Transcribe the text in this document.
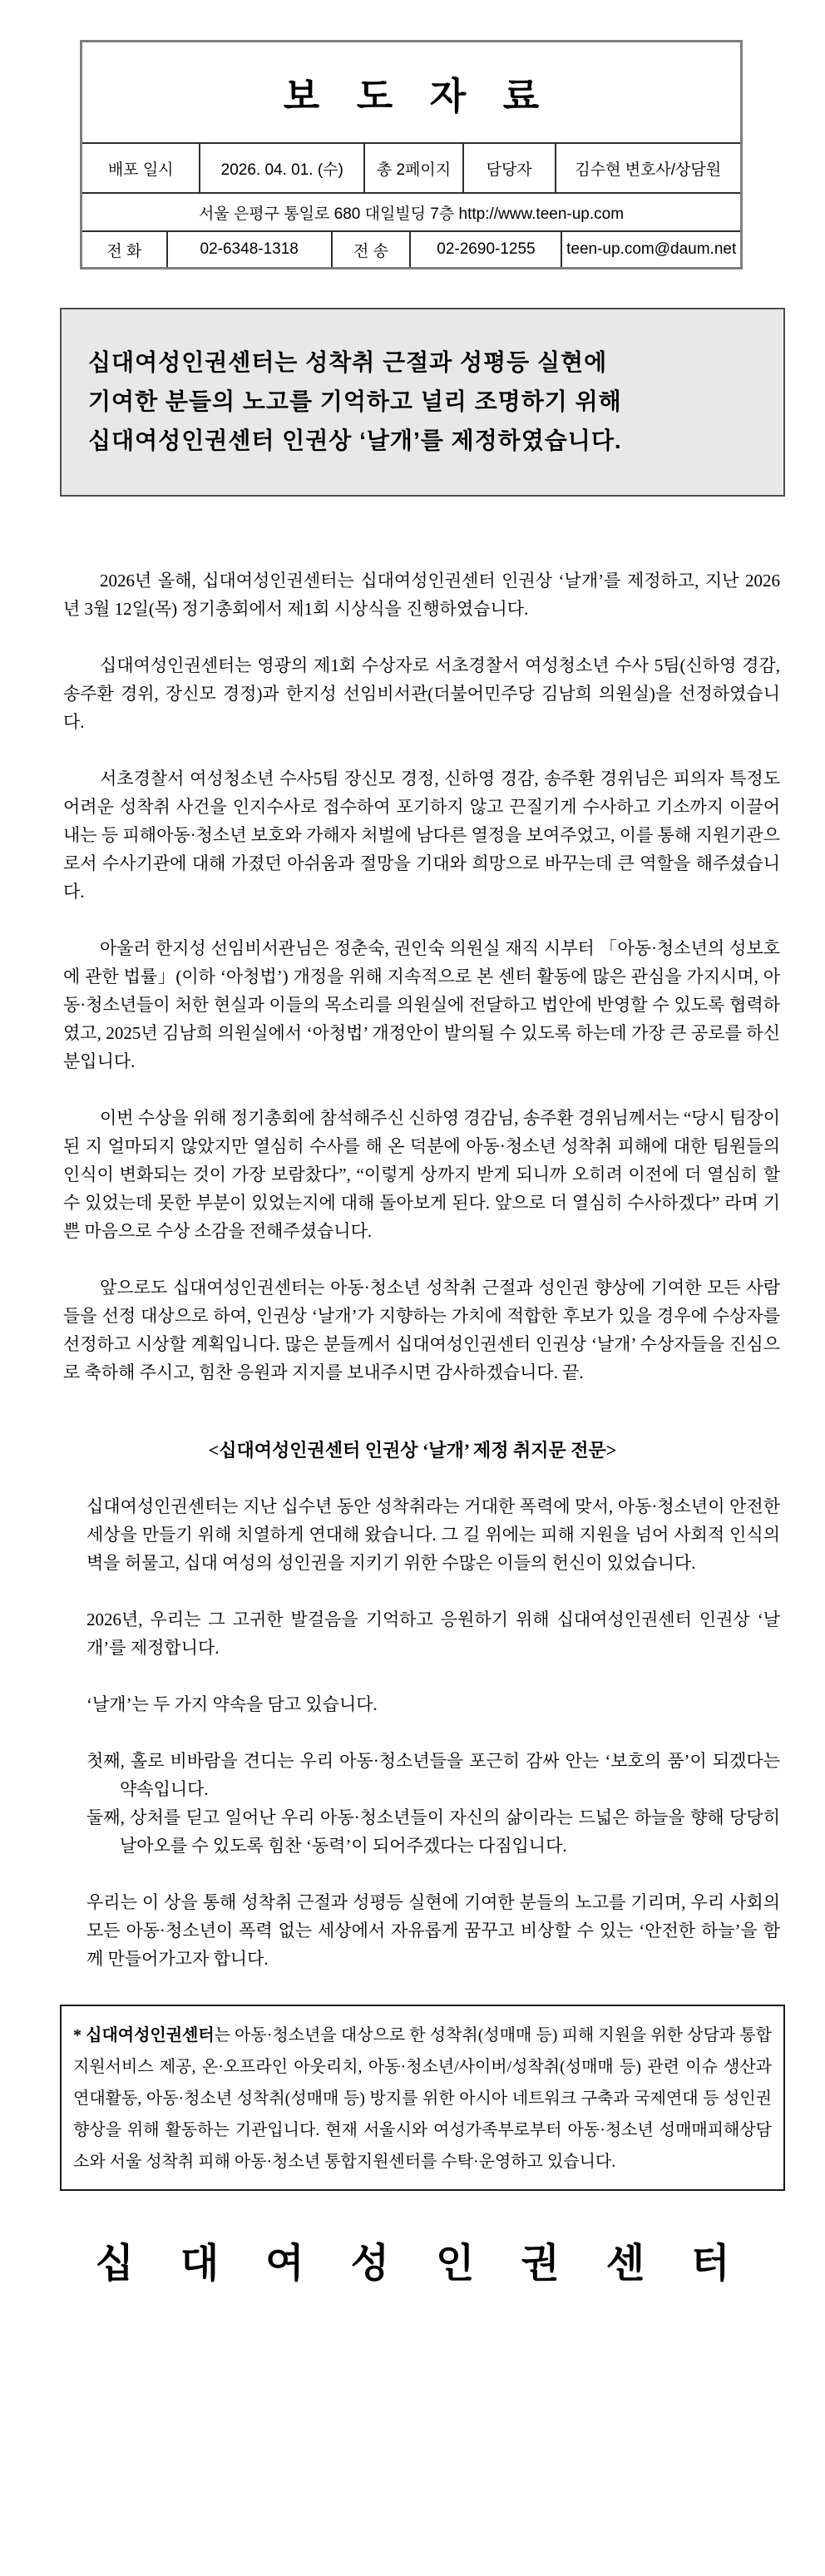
보 도 자 료
배포 일시	2026. 04. 01. (수)	총 2페이지	담당자	김수현 변호사/상담원
서울 은평구 통일로 680 대일빌딩 7층 http://www.teen-up.com
전 화	02-6348-1318	전 송	02-2690-1255	teen-up.com@daum.net
십대여성인권센터는 성착취 근절과 성평등 실현에
기여한 분들의 노고를 기억하고 널리 조명하기 위해
십대여성인권센터 인권상 ‘날개’를 제정하였습니다.

2026년 올해, 십대여성인권센터는 십대여성인권센터 인권상 ‘날개’를 제정하고, 지난 2026년 3월 12일(목) 정기총회에서 제1회 시상식을 진행하였습니다.

십대여성인권센터는 영광의 제1회 수상자로 서초경찰서 여성청소년 수사 5팀(신하영 경감, 송주환 경위, 장신모 경정)과 한지성 선임비서관(더불어민주당 김남희 의원실)을 선정하였습니다.

서초경찰서 여성청소년 수사5팀 장신모 경정, 신하영 경감, 송주환 경위님은 피의자 특정도 어려운 성착취 사건을 인지수사로 접수하여 포기하지 않고 끈질기게 수사하고 기소까지 이끌어내는 등 피해아동·청소년 보호와 가해자 처벌에 남다른 열정을 보여주었고, 이를 통해 지원기관으로서 수사기관에 대해 가졌던 아쉬움과 절망을 기대와 희망으로 바꾸는데 큰 역할을 해주셨습니다.

아울러 한지성 선임비서관님은 정춘숙, 권인숙 의원실 재직 시부터 「아동·청소년의 성보호에 관한 법률」(이하 ‘아청법’) 개정을 위해 지속적으로 본 센터 활동에 많은 관심을 가지시며, 아동·청소년들이 처한 현실과 이들의 목소리를 의원실에 전달하고 법안에 반영할 수 있도록 협력하였고, 2025년 김남희 의원실에서 ‘아청법’ 개정안이 발의될 수 있도록 하는데 가장 큰 공로를 하신 분입니다.

이번 수상을 위해 정기총회에 참석해주신 신하영 경감님, 송주환 경위님께서는 “당시 팀장이 된 지 얼마되지 않았지만 열심히 수사를 해 온 덕분에 아동·청소년 성착취 피해에 대한 팀원들의 인식이 변화되는 것이 가장 보람찼다”, “이렇게 상까지 받게 되니까 오히려 이전에 더 열심히 할 수 있었는데 못한 부분이 있었는지에 대해 돌아보게 된다. 앞으로 더 열심히 수사하겠다” 라며 기쁜 마음으로 수상 소감을 전해주셨습니다.

앞으로도 십대여성인권센터는 아동·청소년 성착취 근절과 성인권 향상에 기여한 모든 사람들을 선정 대상으로 하여, 인권상 ‘날개’가 지향하는 가치에 적합한 후보가 있을 경우에 수상자를 선정하고 시상할 계획입니다. 많은 분들께서 십대여성인권센터 인권상 ‘날개’ 수상자들을 진심으로 축하해 주시고, 힘찬 응원과 지지를 보내주시면 감사하겠습니다. 끝.

<십대여성인권센터 인권상 ‘날개’ 제정 취지문 전문>

십대여성인권센터는 지난 십수년 동안 성착취라는 거대한 폭력에 맞서, 아동·청소년이 안전한 세상을 만들기 위해 치열하게 연대해 왔습니다. 그 길 위에는 피해 지원을 넘어 사회적 인식의 벽을 허물고, 십대 여성의 성인권을 지키기 위한 수많은 이들의 헌신이 있었습니다.

2026년, 우리는 그 고귀한 발걸음을 기억하고 응원하기 위해 십대여성인권센터 인권상 ‘날개’를 제정합니다.

‘날개’는 두 가지 약속을 담고 있습니다.

첫째, 홀로 비바람을 견디는 우리 아동·청소년들을 포근히 감싸 안는 ‘보호의 품’이 되겠다는 약속입니다.

둘째, 상처를 딛고 일어난 우리 아동·청소년들이 자신의 삶이라는 드넓은 하늘을 향해 당당히 날아오를 수 있도록 힘찬 ‘동력’이 되어주겠다는 다짐입니다.

우리는 이 상을 통해 성착취 근절과 성평등 실현에 기여한 분들의 노고를 기리며, 우리 사회의 모든 아동·청소년이 폭력 없는 세상에서 자유롭게 꿈꾸고 비상할 수 있는 ‘안전한 하늘’을 함께 만들어가고자 합니다.

* 십대여성인권센터는 아동·청소년을 대상으로 한 성착취(성매매 등) 피해 지원을 위한 상담과 통합지원서비스 제공, 온·오프라인 아웃리치, 아동·청소년/사이버/성착취(성매매 등) 관련 이슈 생산과 연대활동, 아동·청소년 성착취(성매매 등) 방지를 위한 아시아 네트워크 구축과 국제연대 등 성인권 향상을 위해 활동하는 기관입니다. 현재 서울시와 여성가족부로부터 아동·청소년 성매매피해상담소와 서울 성착취 피해 아동·청소년 통합지원센터를 수탁·운영하고 있습니다.
십 대 여 성 인 권 센 터
